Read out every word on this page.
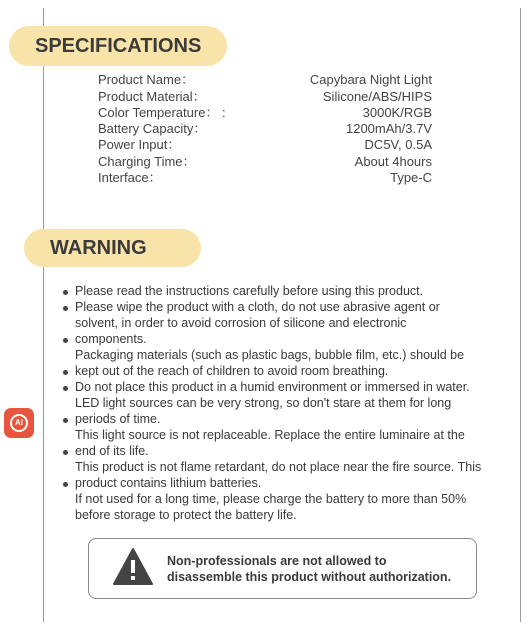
SPECIFICATIONS
Product Name：	Capybara Night Light
Product Material：	Silicone/ABS/HIPS
Color Temperature： :	3000K/RGB
Battery Capacity：	1200mAh/3.7V
Power Input：	DC5V, 0.5A
Charging Time：	About 4hours
Interface：	Type-C
WARNING
Please read the instructions carefully before using this product.
Please wipe the product with a cloth, do not use abrasive agent or
solvent, in order to avoid corrosion of silicone and electronic
components.
Packaging materials (such as plastic bags, bubble film, etc.) should be
kept out of the reach of children to avoid room breathing.
Do not place this product in a humid environment or immersed in water.
LED light sources can be very strong, so don't stare at them for long
periods of time.
This light source is not replaceable. Replace the entire luminaire at the
end of its life.
This product is not flame retardant, do not place near the fire source. This
product contains lithium batteries.
If not used for a long time, please charge the battery to more than 50%
before storage to protect the battery life.
Non-professionals are not allowed to
disassemble this product without authorization.
AI
